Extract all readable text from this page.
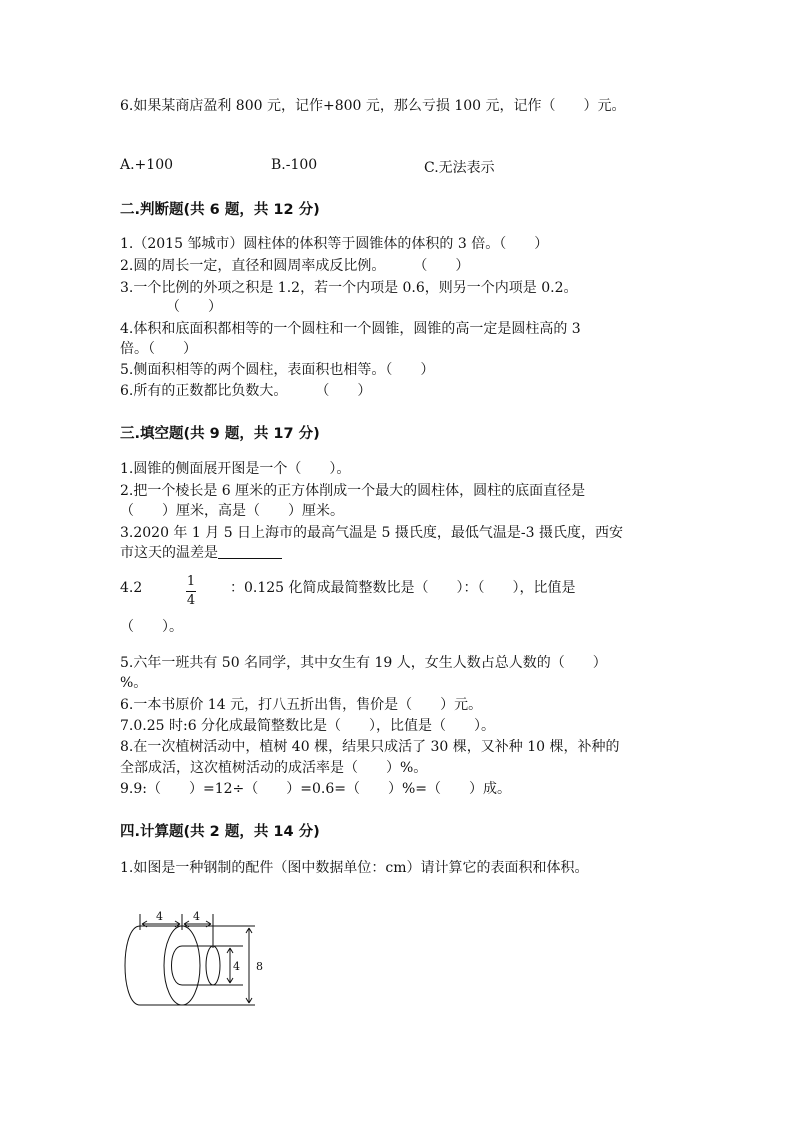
6.如果某商店盈利 800 元，记作+800 元，那么亏损 100 元，记作（　　）元。
A.+100	B.-100	C.无法表示
二.判断题(共 6 题，共 12 分)
1.（2015 邹城市）圆柱体的体积等于圆锥体的体积的 3 倍。（　　）
2.圆的周长一定，直径和圆周率成反比例。　　　（　　）
3.一个比例的外项之积是 1.2，若一个内项是 0.6，则另一个内项是 0.2。
（　　）
4.体积和底面积都相等的一个圆柱和一个圆锥，圆锥的高一定是圆柱高的 3
倍。（　　）
5.侧面积相等的两个圆柱，表面积也相等。（　　）
6.所有的正数都比负数大。　　　（　　）
三.填空题(共 9 题，共 17 分)
1.圆锥的侧面展开图是一个（　　）。
2.把一个棱长是 6 厘米的正方体削成一个最大的圆柱体，圆柱的底面直径是
（　　）厘米，高是（　　）厘米。
3.2020 年 1 月 5 日上海市的最高气温是 5 摄氏度，最低气温是-3 摄氏度，西安
市这天的温差是
4.2	1
4
：0.125 化简成最简整数比是（　　）：（　　），比值是
（　　）。
5.六年一班共有 50 名同学，其中女生有 19 人，女生人数占总人数的（　　）
%。
6.一本书原价 14 元，打八五折出售，售价是（　　）元。
7.0.25 时:6 分化成最简整数比是（　　），比值是（　　）。
8.在一次植树活动中，植树 40 棵，结果只成活了 30 棵，又补种 10 棵，补种的
全部成活，这次植树活动的成活率是（　　）%。
9.9:（　　）=12÷（　　）=0.6=（　　）%=（　　）成。
四.计算题(共 2 题，共 14 分)
1.如图是一种钢制的配件（图中数据单位：cm）请计算它的表面积和体积。
4	4
4 8
